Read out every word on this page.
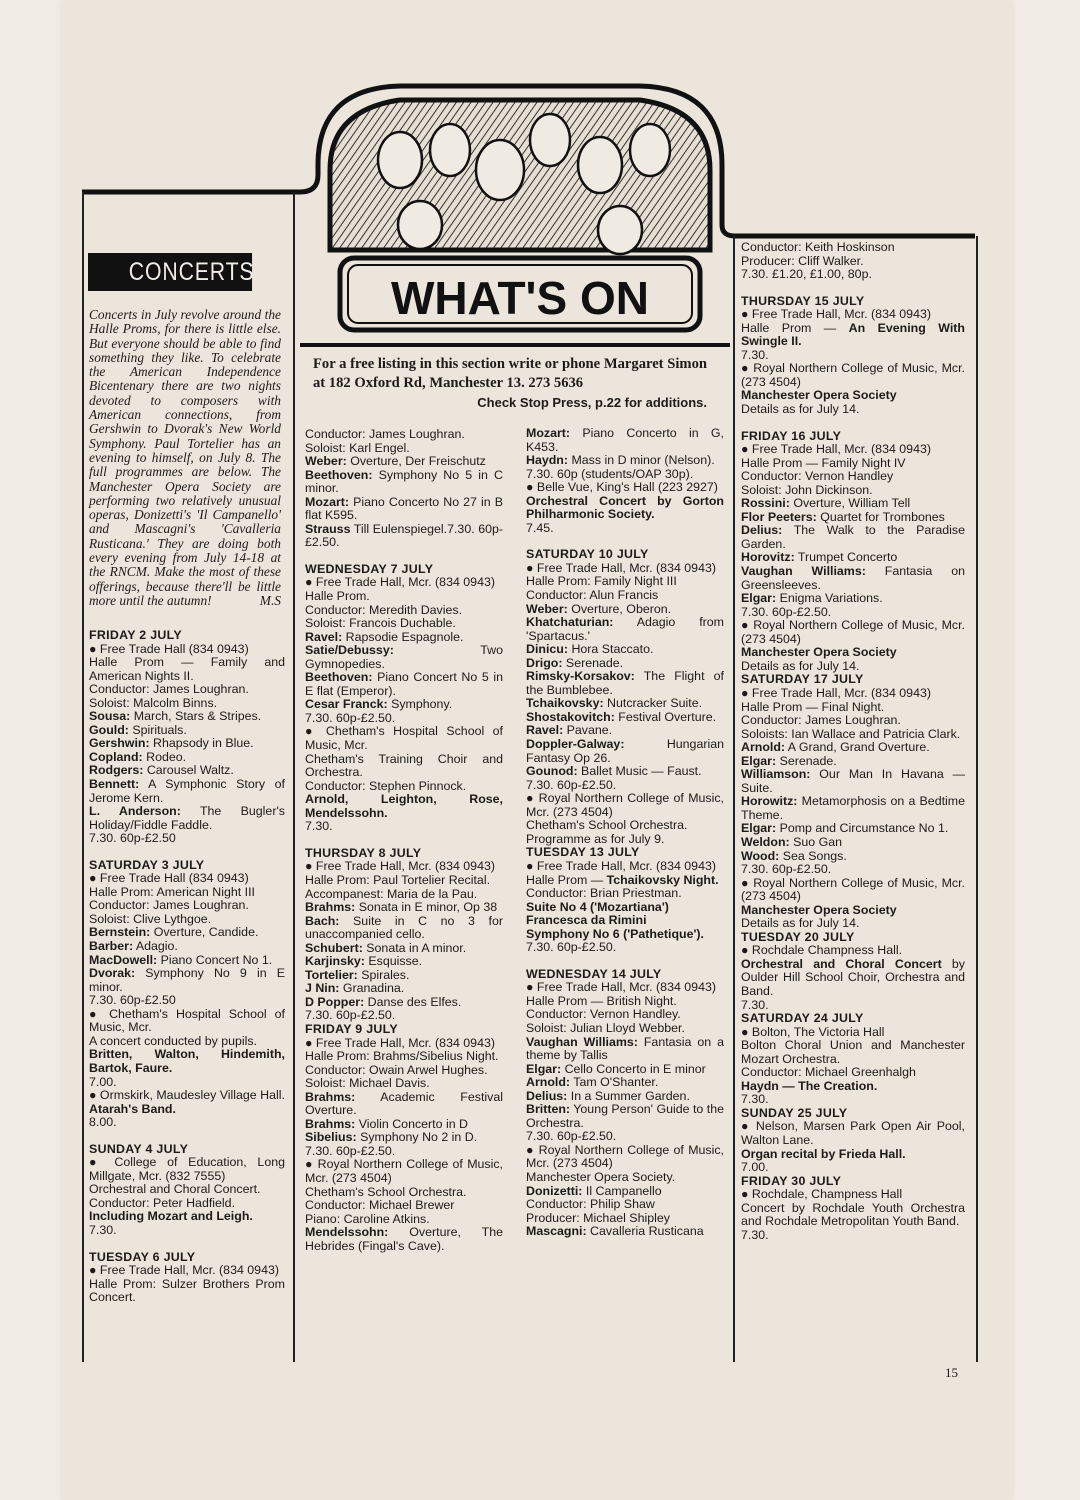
WHAT'S ON
CONCERTS
Concerts in July revolve around the Halle Proms, for there is little else. But everyone should be able to find something they like. To celebrate the American Independence Bicentenary there are two nights devoted to composers with American connections, from Gershwin to Dvorak's New World Symphony. Paul Tortelier has an evening to himself, on July 8. The full programmes are below. The Manchester Opera Society are performing two relatively unusual operas, Donizetti's 'Il Campanello' and Mascagni's 'Cavalleria Rusticana.' They are doing both every evening from July 14-18 at the RNCM. Make the most of these offerings, because there'll be little more until the autumn!	M.S
For a free listing in this section write or phone Margaret Simon at 182 Oxford Rd, Manchester 13. 273 5636
Check Stop Press, p.22 for additions.
FRIDAY 2 JULY
● Free Trade Hall (834 0943)
Halle Prom — Family and American Nights II.
Conductor: James Loughran.
Soloist: Malcolm Binns.
Sousa: March, Stars & Stripes.
Gould: Spirituals.
Gershwin: Rhapsody in Blue.
Copland: Rodeo.
Rodgers: Carousel Waltz.
Bennett: A Symphonic Story of Jerome Kern.
L. Anderson: The Bugler's Holiday/Fiddle Faddle.
7.30. 60p-£2.50
SATURDAY 3 JULY
● Free Trade Hall (834 0943)
Halle Prom: American Night III
Conductor: James Loughran.
Soloist: Clive Lythgoe.
Bernstein: Overture, Candide.
Barber: Adagio.
MacDowell: Piano Concert No 1.
Dvorak: Symphony No 9 in E minor.
7.30. 60p-£2.50
● Chetham's Hospital School of Music, Mcr.
A concert conducted by pupils.
Britten, Walton, Hindemith, Bartok, Faure.
7.00.
● Ormskirk, Maudesley Village Hall.
Atarah's Band.
8.00.
SUNDAY 4 JULY
● College of Education, Long Millgate, Mcr. (832 7555)
Orchestral and Choral Concert.
Conductor: Peter Hadfield.
Including Mozart and Leigh.
7.30.
TUESDAY 6 JULY
● Free Trade Hall, Mcr. (834 0943)
Halle Prom: Sulzer Brothers Prom Concert.
Conductor: James Loughran.
Soloist: Karl Engel.
Weber: Overture, Der Freischutz
Beethoven: Symphony No 5 in C minor.
Mozart: Piano Concerto No 27 in B flat K595.
Strauss Till Eulenspiegel.7.30. 60p-£2.50.
WEDNESDAY 7 JULY
● Free Trade Hall, Mcr. (834 0943)
Halle Prom.
Conductor: Meredith Davies.
Soloist: Francois Duchable.
Ravel: Rapsodie Espagnole.
Satie/Debussy: Two Gymnopedies.
Beethoven: Piano Concert No 5 in E flat (Emperor).
Cesar Franck: Symphony.
7.30. 60p-£2.50.
● Chetham's Hospital School of Music, Mcr.
Chetham's Training Choir and Orchestra.
Conductor: Stephen Pinnock.
Arnold, Leighton, Rose, Mendelssohn.
7.30.
THURSDAY 8 JULY
● Free Trade Hall, Mcr. (834 0943)
Halle Prom: Paul Tortelier Recital.
Accompanest: Maria de la Pau.
Brahms: Sonata in E minor, Op 38
Bach: Suite in C no 3 for unaccompanied cello.
Schubert: Sonata in A minor.
Karjinsky: Esquisse.
Tortelier: Spirales.
J Nin: Granadina.
D Popper: Danse des Elfes.
7.30. 60p-£2.50.
FRIDAY 9 JULY
● Free Trade Hall, Mcr. (834 0943)
Halle Prom: Brahms/Sibelius Night.
Conductor: Owain Arwel Hughes.
Soloist: Michael Davis.
Brahms: Academic Festival Overture.
Brahms: Violin Concerto in D
Sibelius: Symphony No 2 in D.
7.30. 60p-£2.50.
● Royal Northern College of Music, Mcr. (273 4504)
Chetham's School Orchestra.
Conductor: Michael Brewer
Piano: Caroline Atkins.
Mendelssohn: Overture, The Hebrides (Fingal's Cave).
Mozart: Piano Concerto in G, K453.
Haydn: Mass in D minor (Nelson).
7.30. 60p (students/OAP 30p).
● Belle Vue, King's Hall (223 2927)
Orchestral Concert by Gorton Philharmonic Society.
7.45.
SATURDAY 10 JULY
● Free Trade Hall, Mcr. (834 0943)
Halle Prom: Family Night III
Conductor: Alun Francis
Weber: Overture, Oberon.
Khatchaturian: Adagio from 'Spartacus.'
Dinicu: Hora Staccato.
Drigo: Serenade.
Rimsky-Korsakov: The Flight of the Bumblebee.
Tchaikovsky: Nutcracker Suite.
Shostakovitch: Festival Overture.
Ravel: Pavane.
Doppler-Galway: Hungarian Fantasy Op 26.
Gounod: Ballet Music — Faust.
7.30. 60p-£2.50.
● Royal Northern College of Music, Mcr. (273 4504)
Chetham's School Orchestra.
Programme as for July 9.
TUESDAY 13 JULY
● Free Trade Hall, Mcr. (834 0943)
Halle Prom — Tchaikovsky Night.
Conductor: Brian Priestman.
Suite No 4 ('Mozartiana')
Francesca da Rimini
Symphony No 6 ('Pathetique').
7.30. 60p-£2.50.
WEDNESDAY 14 JULY
● Free Trade Hall, Mcr. (834 0943)
Halle Prom — British Night.
Conductor: Vernon Handley.
Soloist: Julian Lloyd Webber.
Vaughan Williams: Fantasia on a theme by Tallis
Elgar: Cello Concerto in E minor
Arnold: Tam O'Shanter.
Delius: In a Summer Garden.
Britten: Young Person' Guide to the Orchestra.
7.30. 60p-£2.50.
● Royal Northern College of Music, Mcr. (273 4504)
Manchester Opera Society.
Donizetti: Il Campanello
Conductor: Philip Shaw
Producer: Michael Shipley
Mascagni: Cavalleria Rusticana
Conductor: Keith Hoskinson
Producer: Cliff Walker.
7.30. £1.20, £1.00, 80p.
THURSDAY 15 JULY
● Free Trade Hall, Mcr. (834 0943)
Halle Prom — An Evening With Swingle II.
7.30.
● Royal Northern College of Music, Mcr. (273 4504)
Manchester Opera Society
Details as for July 14.
FRIDAY 16 JULY
● Free Trade Hall, Mcr. (834 0943)
Halle Prom — Family Night IV
Conductor: Vernon Handley
Soloist: John Dickinson.
Rossini: Overture, William Tell
Flor Peeters: Quartet for Trombones
Delius: The Walk to the Paradise Garden.
Horovitz: Trumpet Concerto
Vaughan Williams: Fantasia on Greensleeves.
Elgar: Enigma Variations.
7.30. 60p-£2.50.
● Royal Northern College of Music, Mcr. (273 4504)
Manchester Opera Society
Details as for July 14.
SATURDAY 17 JULY
● Free Trade Hall, Mcr. (834 0943)
Halle Prom — Final Night.
Conductor: James Loughran.
Soloists: Ian Wallace and Patricia Clark.
Arnold: A Grand, Grand Overture.
Elgar: Serenade.
Williamson: Our Man In Havana — Suite.
Horowitz: Metamorphosis on a Bedtime Theme.
Elgar: Pomp and Circumstance No 1.
Weldon: Suo Gan
Wood: Sea Songs.
7.30. 60p-£2.50.
● Royal Northern College of Music, Mcr. (273 4504)
Manchester Opera Society
Details as for July 14.
TUESDAY 20 JULY
● Rochdale Champness Hall.
Orchestral and Choral Concert by Oulder Hill School Choir, Orchestra and Band.
7.30.
SATURDAY 24 JULY
● Bolton, The Victoria Hall
Bolton Choral Union and Manchester Mozart Orchestra.
Conductor: Michael Greenhalgh
Haydn — The Creation.
7.30.
SUNDAY 25 JULY
● Nelson, Marsen Park Open Air Pool, Walton Lane.
Organ recital by Frieda Hall.
7.00.
FRIDAY 30 JULY
● Rochdale, Champness Hall
Concert by Rochdale Youth Orchestra and Rochdale Metropolitan Youth Band.
7.30.
15
